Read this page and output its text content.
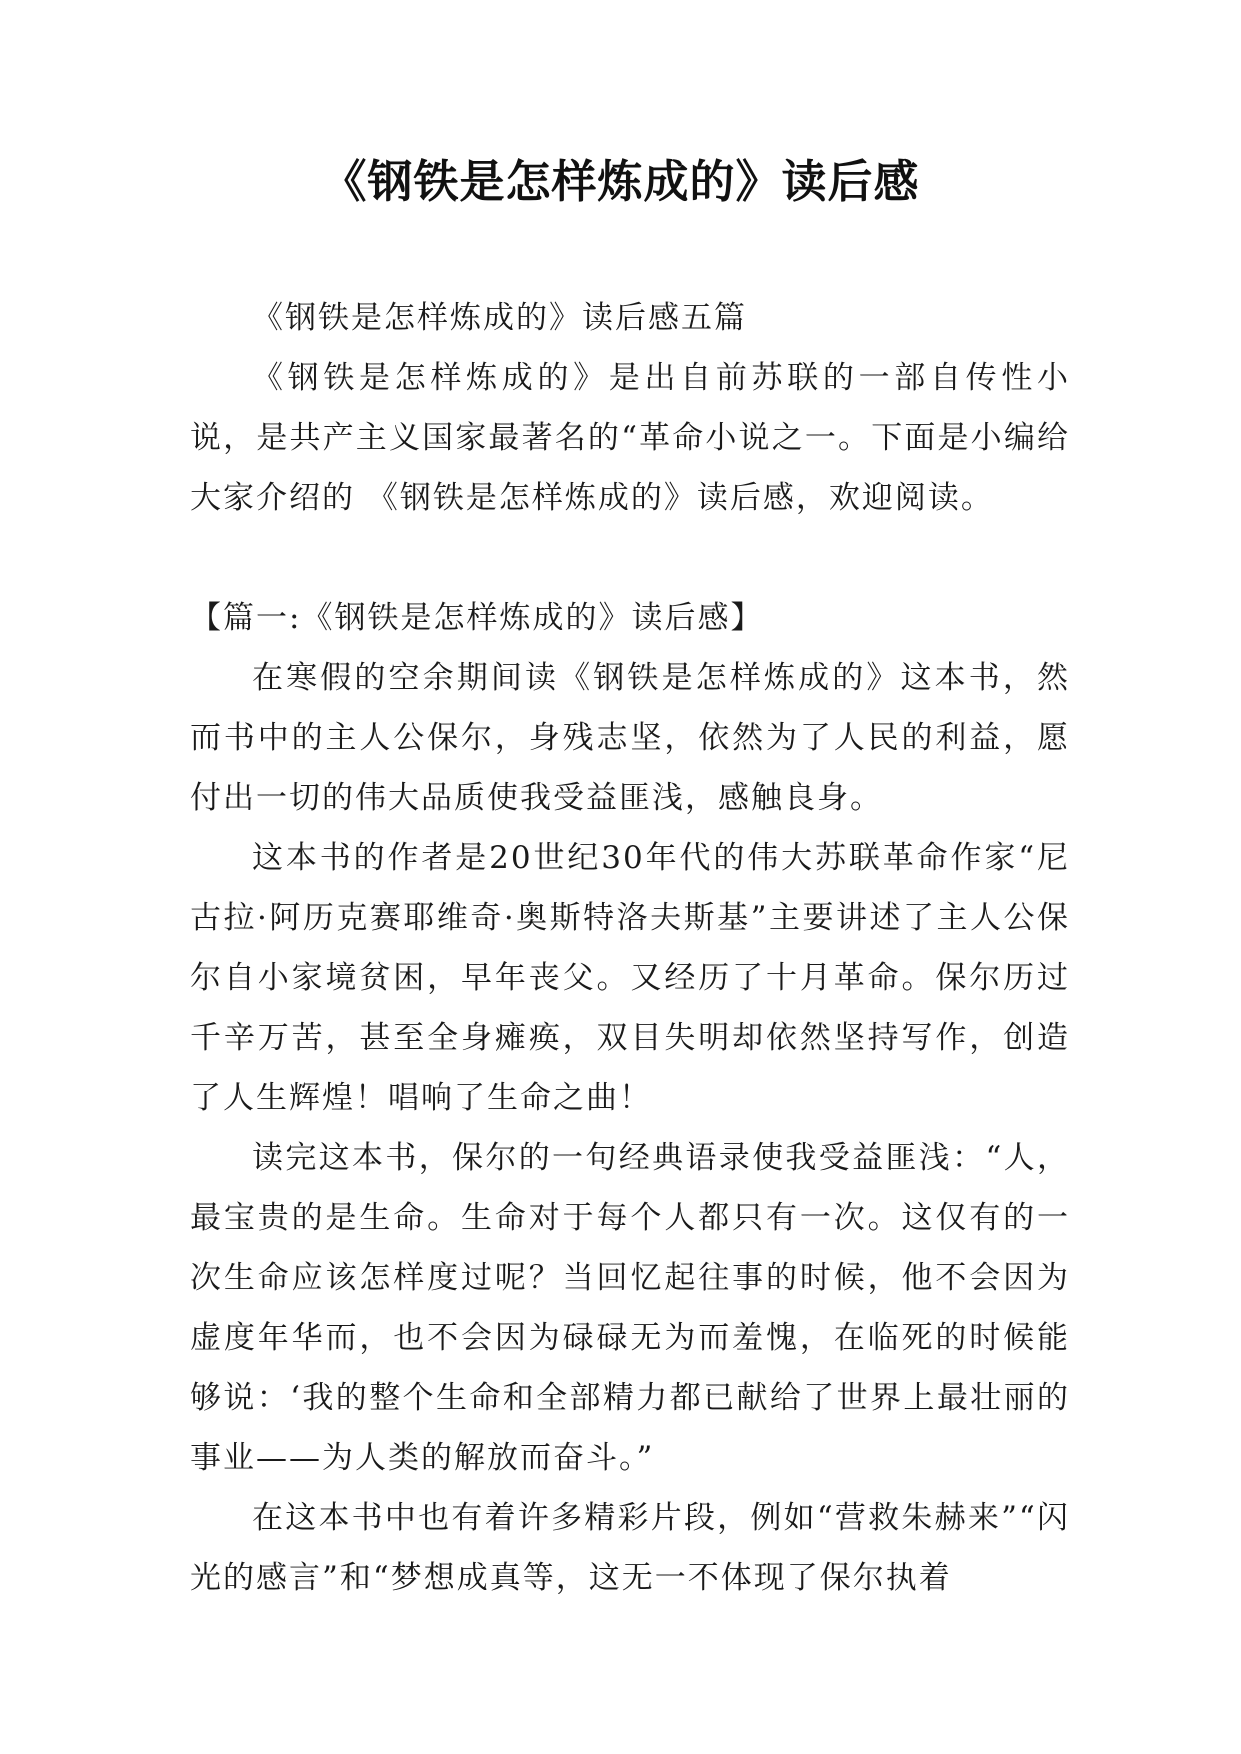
《钢铁是怎样炼成的》读后感

《钢铁是怎样炼成的》读后感五篇

《钢铁是怎样炼成的》是出自前苏联的一部自传性小说，是共产主义国家最著名的“革命小说之一。下面是小编给大家介绍的 《钢铁是怎样炼成的》读后感，欢迎阅读。

【篇一:《钢铁是怎样炼成的》读后感】

在寒假的空余期间读《钢铁是怎样炼成的》这本书，然而书中的主人公保尔，身残志坚，依然为了人民的利益，愿付出一切的伟大品质使我受益匪浅，感触良身。

这本书的作者是20世纪30年代的伟大苏联革命作家“尼古拉·阿历克赛耶维奇·奥斯特洛夫斯基”主要讲述了主人公保尔自小家境贫困，早年丧父。又经历了十月革命。保尔历过千辛万苦，甚至全身瘫痪，双目失明却依然坚持写作，创造了人生辉煌！唱响了生命之曲！

读完这本书，保尔的一句经典语录使我受益匪浅：“人，最宝贵的是生命。生命对于每个人都只有一次。这仅有的一次生命应该怎样度过呢？当回忆起往事的时候，他不会因为虚度年华而，也不会因为碌碌无为而羞愧，在临死的时候能够说：‘我的整个生命和全部精力都已献给了世界上最壮丽的事业——为人类的解放而奋斗。”

在这本书中也有着许多精彩片段，例如“营救朱赫来”“闪光的感言”和“梦想成真等，这无一不体现了保尔执着
